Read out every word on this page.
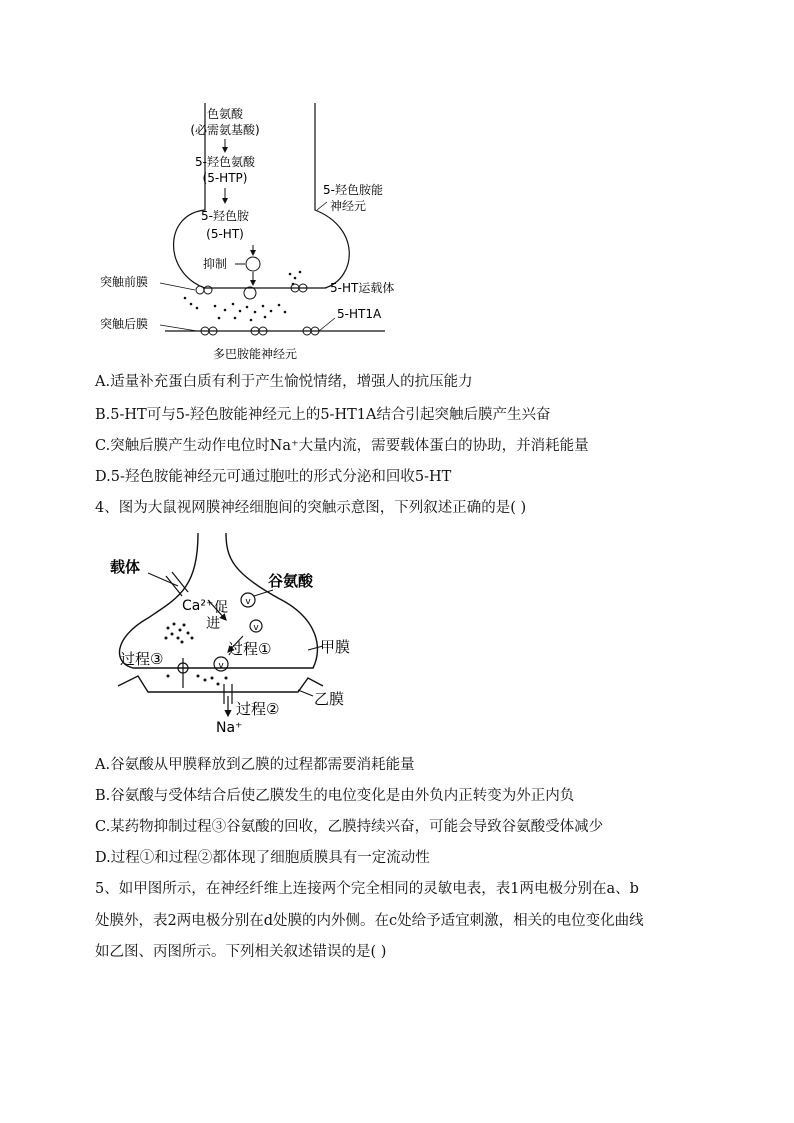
色氨酸
(必需氨基酸)
5-羟色氨酸
(5-HTP)
5-羟色胺
(5-HT)
5-羟色胺能
神经元
抑制
突触前膜	5-HT运载体
突触后膜
5-HT1A
多巴胺能神经元
A.适量补充蛋白质有利于产生愉悦情绪，增强人的抗压能力
B.5-HT可与5-羟色胺能神经元上的5-HT1A结合引起突触后膜产生兴奋
C.突触后膜产生动作电位时Na⁺大量内流，需要载体蛋白的协助，并消耗能量
D.5-羟色胺能神经元可通过胞吐的形式分泌和回收5-HT
4、图为大鼠视网膜神经细胞间的突触示意图，下列叙述正确的是( )
v
v
v
载体
Ca²⁺ 促
进
谷氨酸
过程①	甲膜
过程③
过程②
乙膜
Na⁺
A.谷氨酸从甲膜释放到乙膜的过程都需要消耗能量
B.谷氨酸与受体结合后使乙膜发生的电位变化是由外负内正转变为外正内负
C.某药物抑制过程③谷氨酸的回收，乙膜持续兴奋，可能会导致谷氨酸受体减少
D.过程①和过程②都体现了细胞质膜具有一定流动性
5、如甲图所示，在神经纤维上连接两个完全相同的灵敏电表，表1两电极分别在a、b
处膜外，表2两电极分别在d处膜的内外侧。在c处给予适宜刺激，相关的电位变化曲线
如乙图、丙图所示。下列相关叙述错误的是( )
